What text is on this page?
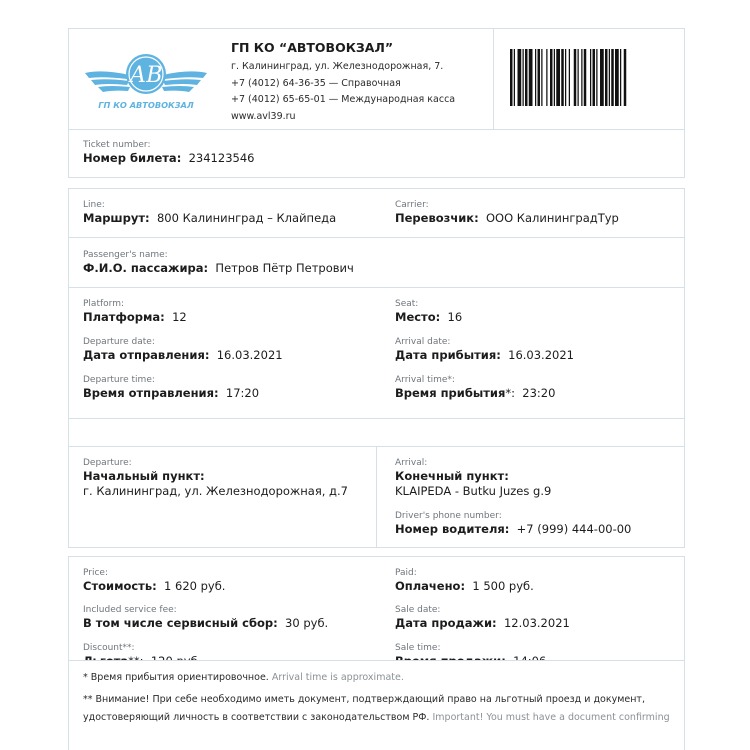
АВ
ГП КО АВТОВОКЗАЛ
ГП КО “АВТОВОКЗАЛ”
г. Калининград, ул. Железнодорожная, 7.
+7 (4012) 64-36-35 — Справочная
+7 (4012) 65-65-01 — Международная касса
www.avl39.ru
Ticket number:
Номер билета: 234123546
Line:
Маршрут: 800 Калининград – Клайпеда
Carrier:
Перевозчик: ООО КалининградТур
Passenger's name:
Ф.И.О. пассажира: Петров Пётр Петрович
Platform:
Платформа: 12
Seat:
Место: 16
Departure date:
Дата отправления: 16.03.2021
Arrival date:
Дата прибытия: 16.03.2021
Departure time:
Время отправления: 17:20
Arrival time*:
Время прибытия*: 23:20
Departure:
Начальный пункт:
г. Калининград, ул. Железнодорожная, д.7
Arrival:
Конечный пункт:
KLAIPEDA - Butku Juzes g.9
Driver's phone number:
Номер водителя: +7 (999) 444-00-00
Price:
Стоимость: 1 620 руб.
Paid:
Оплачено: 1 500 руб.
Included service fee:
В том числе сервисный сбор: 30 руб.
Sale date:
Дата продажи: 12.03.2021
Discount**:
	Sale time:

* Время прибытия ориентировочное. Arrival time is approximate.
** Внимание! При себе необходимо иметь документ, подтверждающий право на льготный проезд и документ,
удостоверяющий личность в соответствии с законодательством РФ. Important! You must have a document confirming
